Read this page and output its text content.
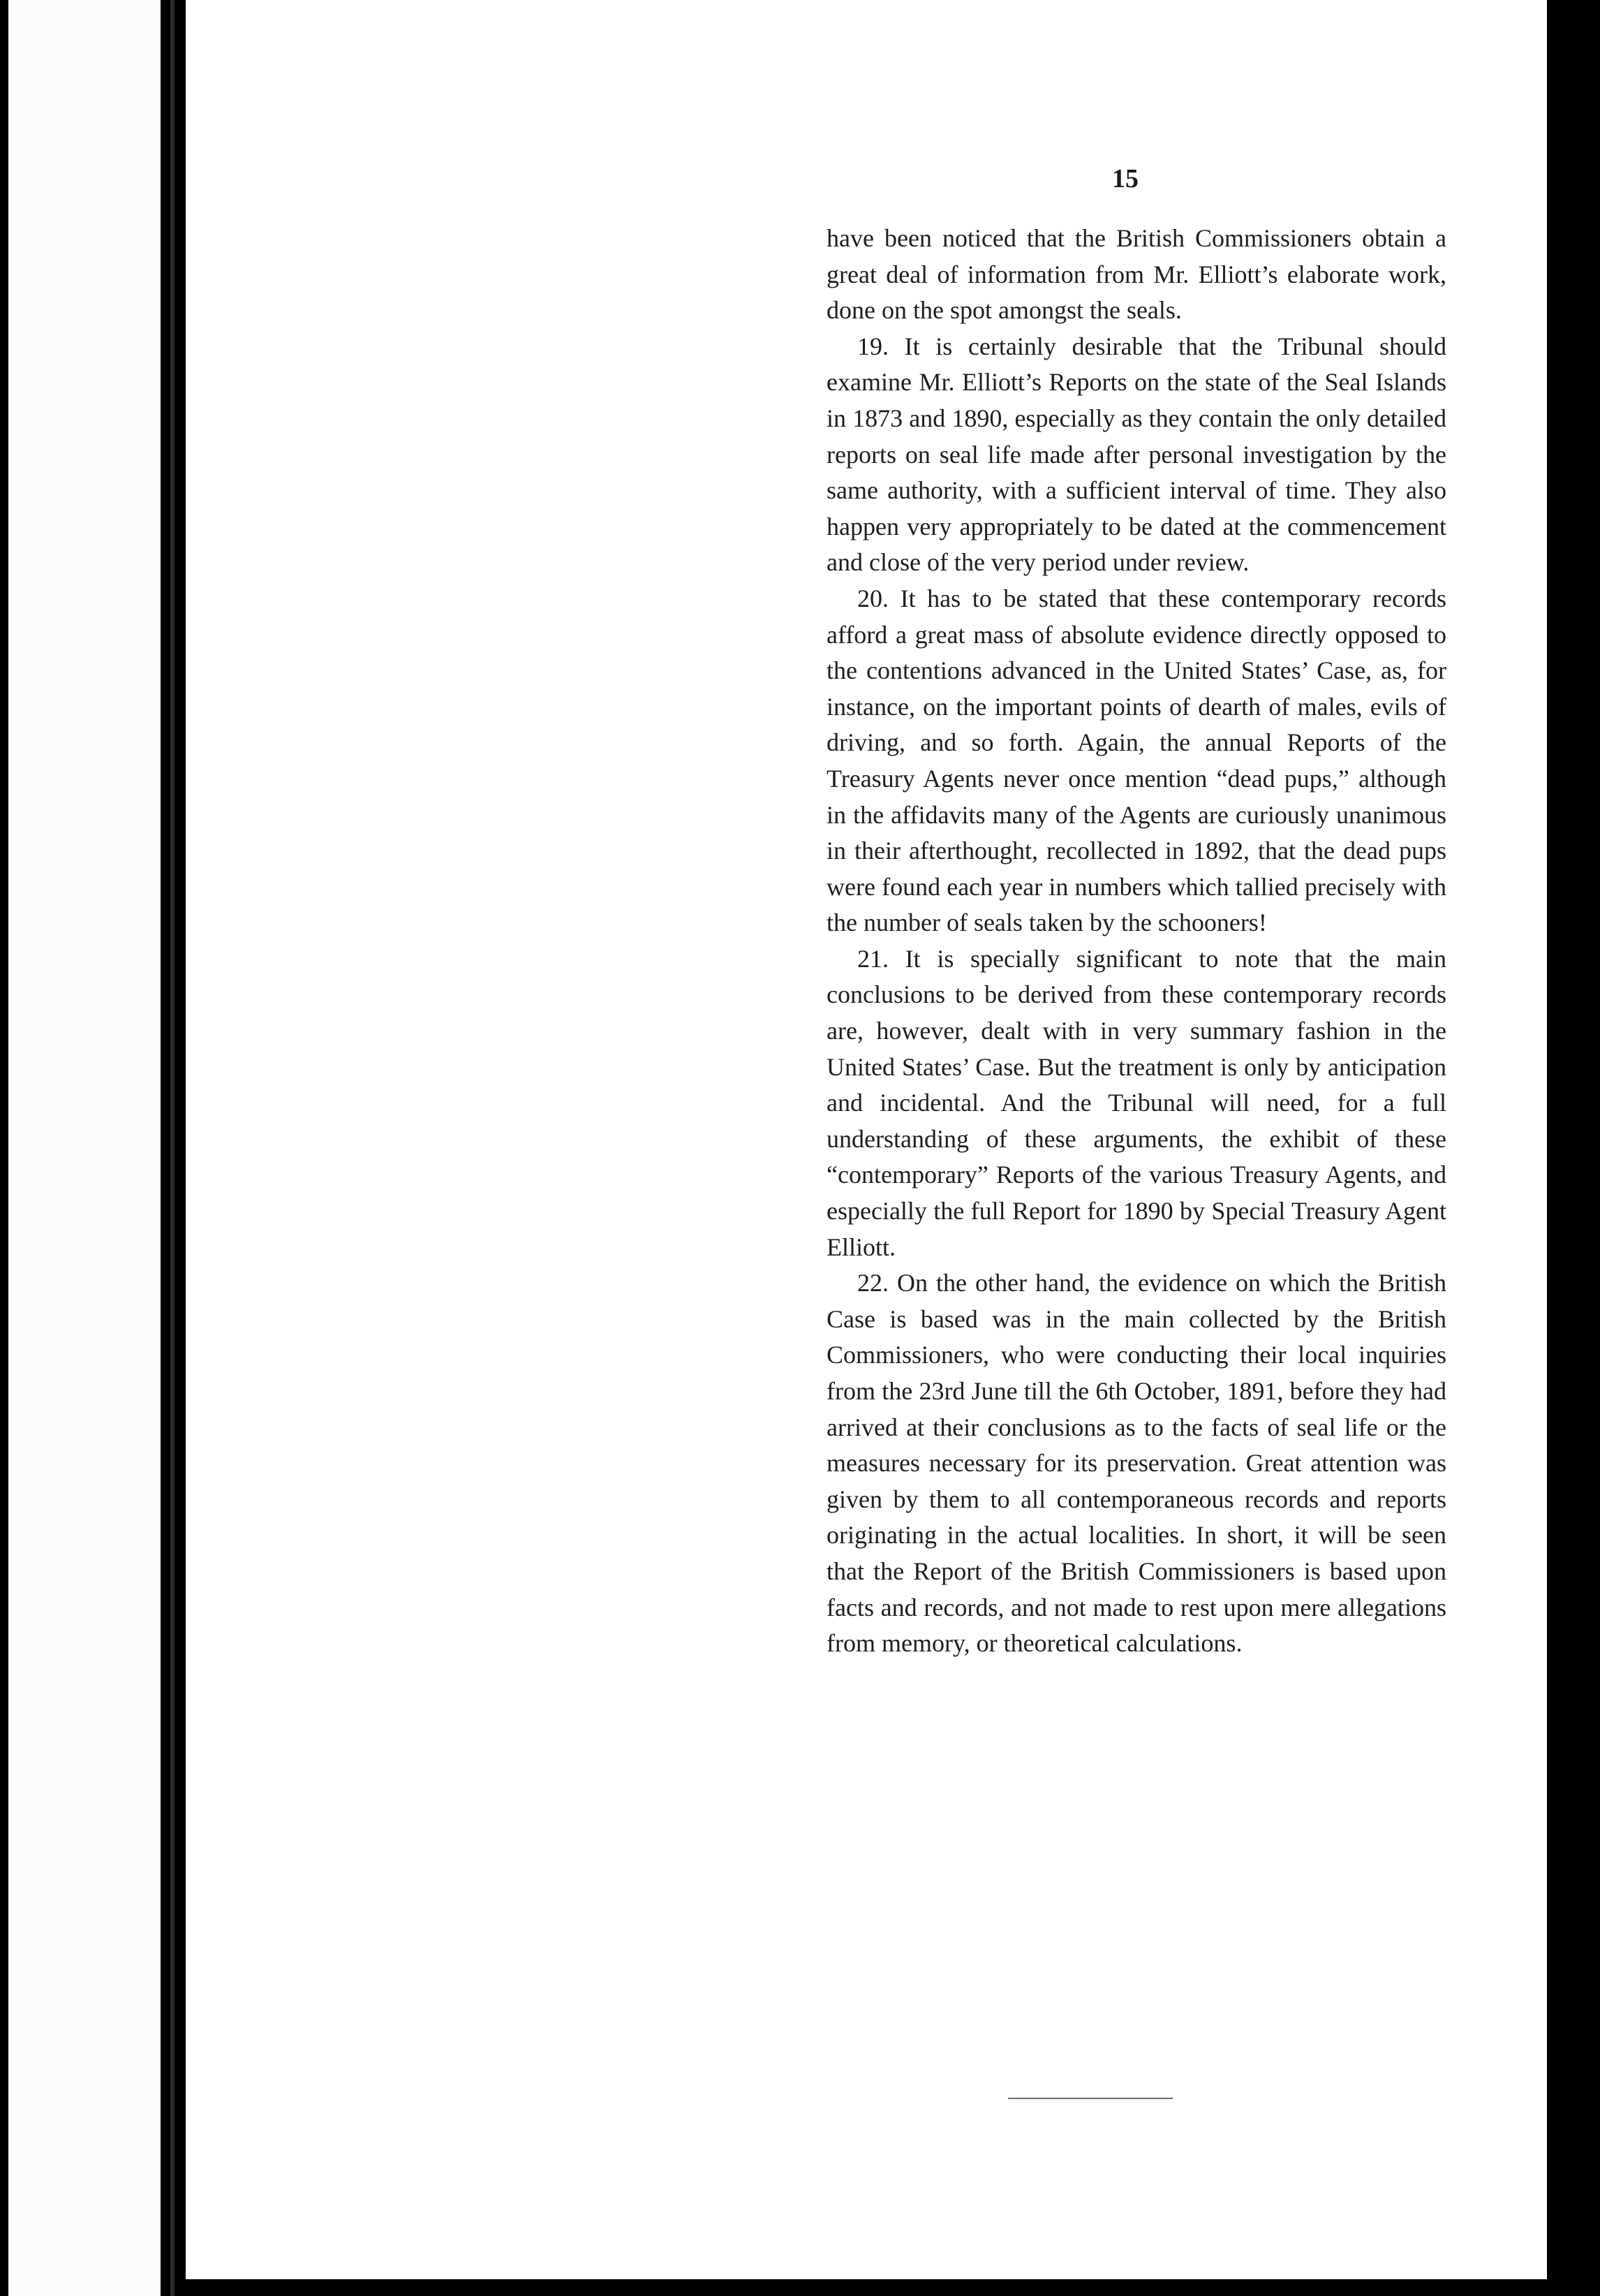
15

have been noticed that the British Commissioners obtain a great deal of information from Mr. Elliott’s elaborate work, done on the spot amongst the seals.

19. It is certainly desirable that the Tribunal should examine Mr. Elliott’s Reports on the state of the Seal Islands in 1873 and 1890, especially as they contain the only detailed reports on seal life made after personal investigation by the same authority, with a sufficient interval of time. They also happen very appropriately to be dated at the commencement and close of the very period under review.

20. It has to be stated that these contemporary records afford a great mass of absolute evidence directly opposed to the contentions advanced in the United States’ Case, as, for instance, on the important points of dearth of males, evils of driving, and so forth. Again, the annual Reports of the Treasury Agents never once mention “dead pups,” although in the affidavits many of the Agents are curiously unanimous in their afterthought, recollected in 1892, that the dead pups were found each year in numbers which tallied precisely with the number of seals taken by the schooners!

21. It is specially significant to note that the main conclusions to be derived from these contemporary records are, however, dealt with in very summary fashion in the United States’ Case. But the treatment is only by anticipation and incidental. And the Tribunal will need, for a full understanding of these arguments, the exhibit of these “contemporary” Reports of the various Treasury Agents, and especially the full Report for 1890 by Special Treasury Agent Elliott.

22. On the other hand, the evidence on which the British Case is based was in the main collected by the British Commissioners, who were conducting their local inquiries from the 23rd June till the 6th October, 1891, before they had arrived at their conclusions as to the facts of seal life or the measures necessary for its preservation. Great attention was given by them to all contemporaneous records and reports originating in the actual localities. In short, it will be seen that the Report of the British Commissioners is based upon facts and records, and not made to rest upon mere allegations from memory, or theoretical calculations.
